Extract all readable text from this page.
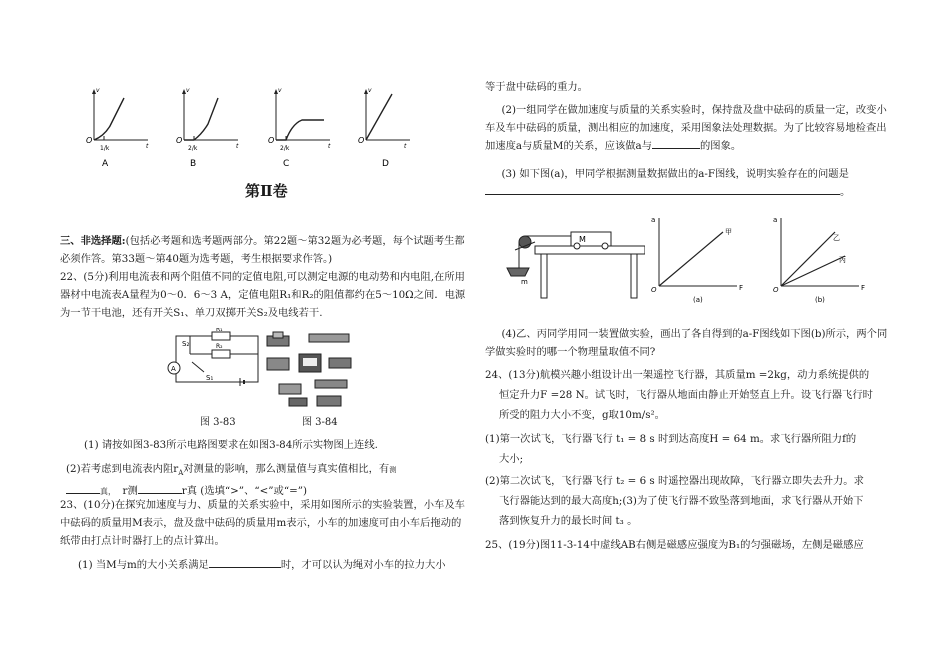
v
t
O
1/k
A
v
t
O
2/k
B
v
t
O
2/k
C
v
t
O
D
第Ⅱ卷

三、非选择题:(包括必考题和选考题两部分。第22题～第32题为必考题，每个试题考生都必须作答。第33题～第40题为选考题，考生根据要求作答。)

22、(5分)利用电流表和两个阻值不同的定值电阻,可以测定电源的电动势和内电阻,在所用器材中电流表A量程为0～0．6～3 A，定值电阻R₁和R₂的阻值都约在5～10Ω之间．电源为一节干电池，还有开关S₁、单刀双掷开关S₂及电线若干.

S₂
R₁
R₂
S₁
A

图 3-83	图 3-84

(1) 请按如图3-83所示电路图要求在如图3-84所示实物图上连线.

(2)若考虑到电流表内阻$r_A$对测量的影响，那么测量值与真实值相比，有测
真， r测	r真 (选填“>”、“<”或“=”)

23、(10分)在探究加速度与力、质量的关系实验中，采用如图所示的实验装置，小车及车中砝码的质量用M表示，盘及盘中砝码的质量用m表示，小车的加速度可由小车后拖动的纸带由打点计时器打上的点计算出。

(1) 当M与m的大小关系满足	时，才可以认为绳对小车的拉力大小

等于盘中砝码的重力。

(2)一组同学在做加速度与质量的关系实验时，保持盘及盘中砝码的质量一定，改变小车及车中砝码的质量，测出相应的加速度，采用图象法处理数据。为了比较容易地检查出加速度a与质量M的关系，应该做a与	的图象。

(3) 如下图(a)，甲同学根据测量数据做出的a-F图线，说明实验存在的问题是
。

M
m
a
F
O
甲
(a)
a
F
O
乙
丙
(b)

(4)乙、丙同学用同一装置做实验，画出了各自得到的a-F图线如下图(b)所示，两个同学做实验时的哪一个物理量取值不同?

24、(13分)航模兴趣小组设计出一架遥控飞行器，其质量m =2kg，动力系统提供的

恒定升力F =28 N。试飞时，飞行器从地面由静止开始竖直上升。设飞行器飞行时

所受的阻力大小不变，g取10m/s²。

(1)第一次试飞，飞行器飞行 t₁ = 8 s 时到达高度H = 64 m。求飞行器所阻力f的

大小;

(2)第二次试飞，飞行器飞行 t₂ = 6 s 时遥控器出现故障，飞行器立即失去升力。求

飞行器能达到的最大高度h;(3)为了使飞行器不致坠落到地面，求飞行器从开始下

落到恢复升力的最长时间 t₃ 。

25、(19分)图11-3-14中虚线AB右侧是磁感应强度为B₁的匀强磁场，左侧是磁感应
